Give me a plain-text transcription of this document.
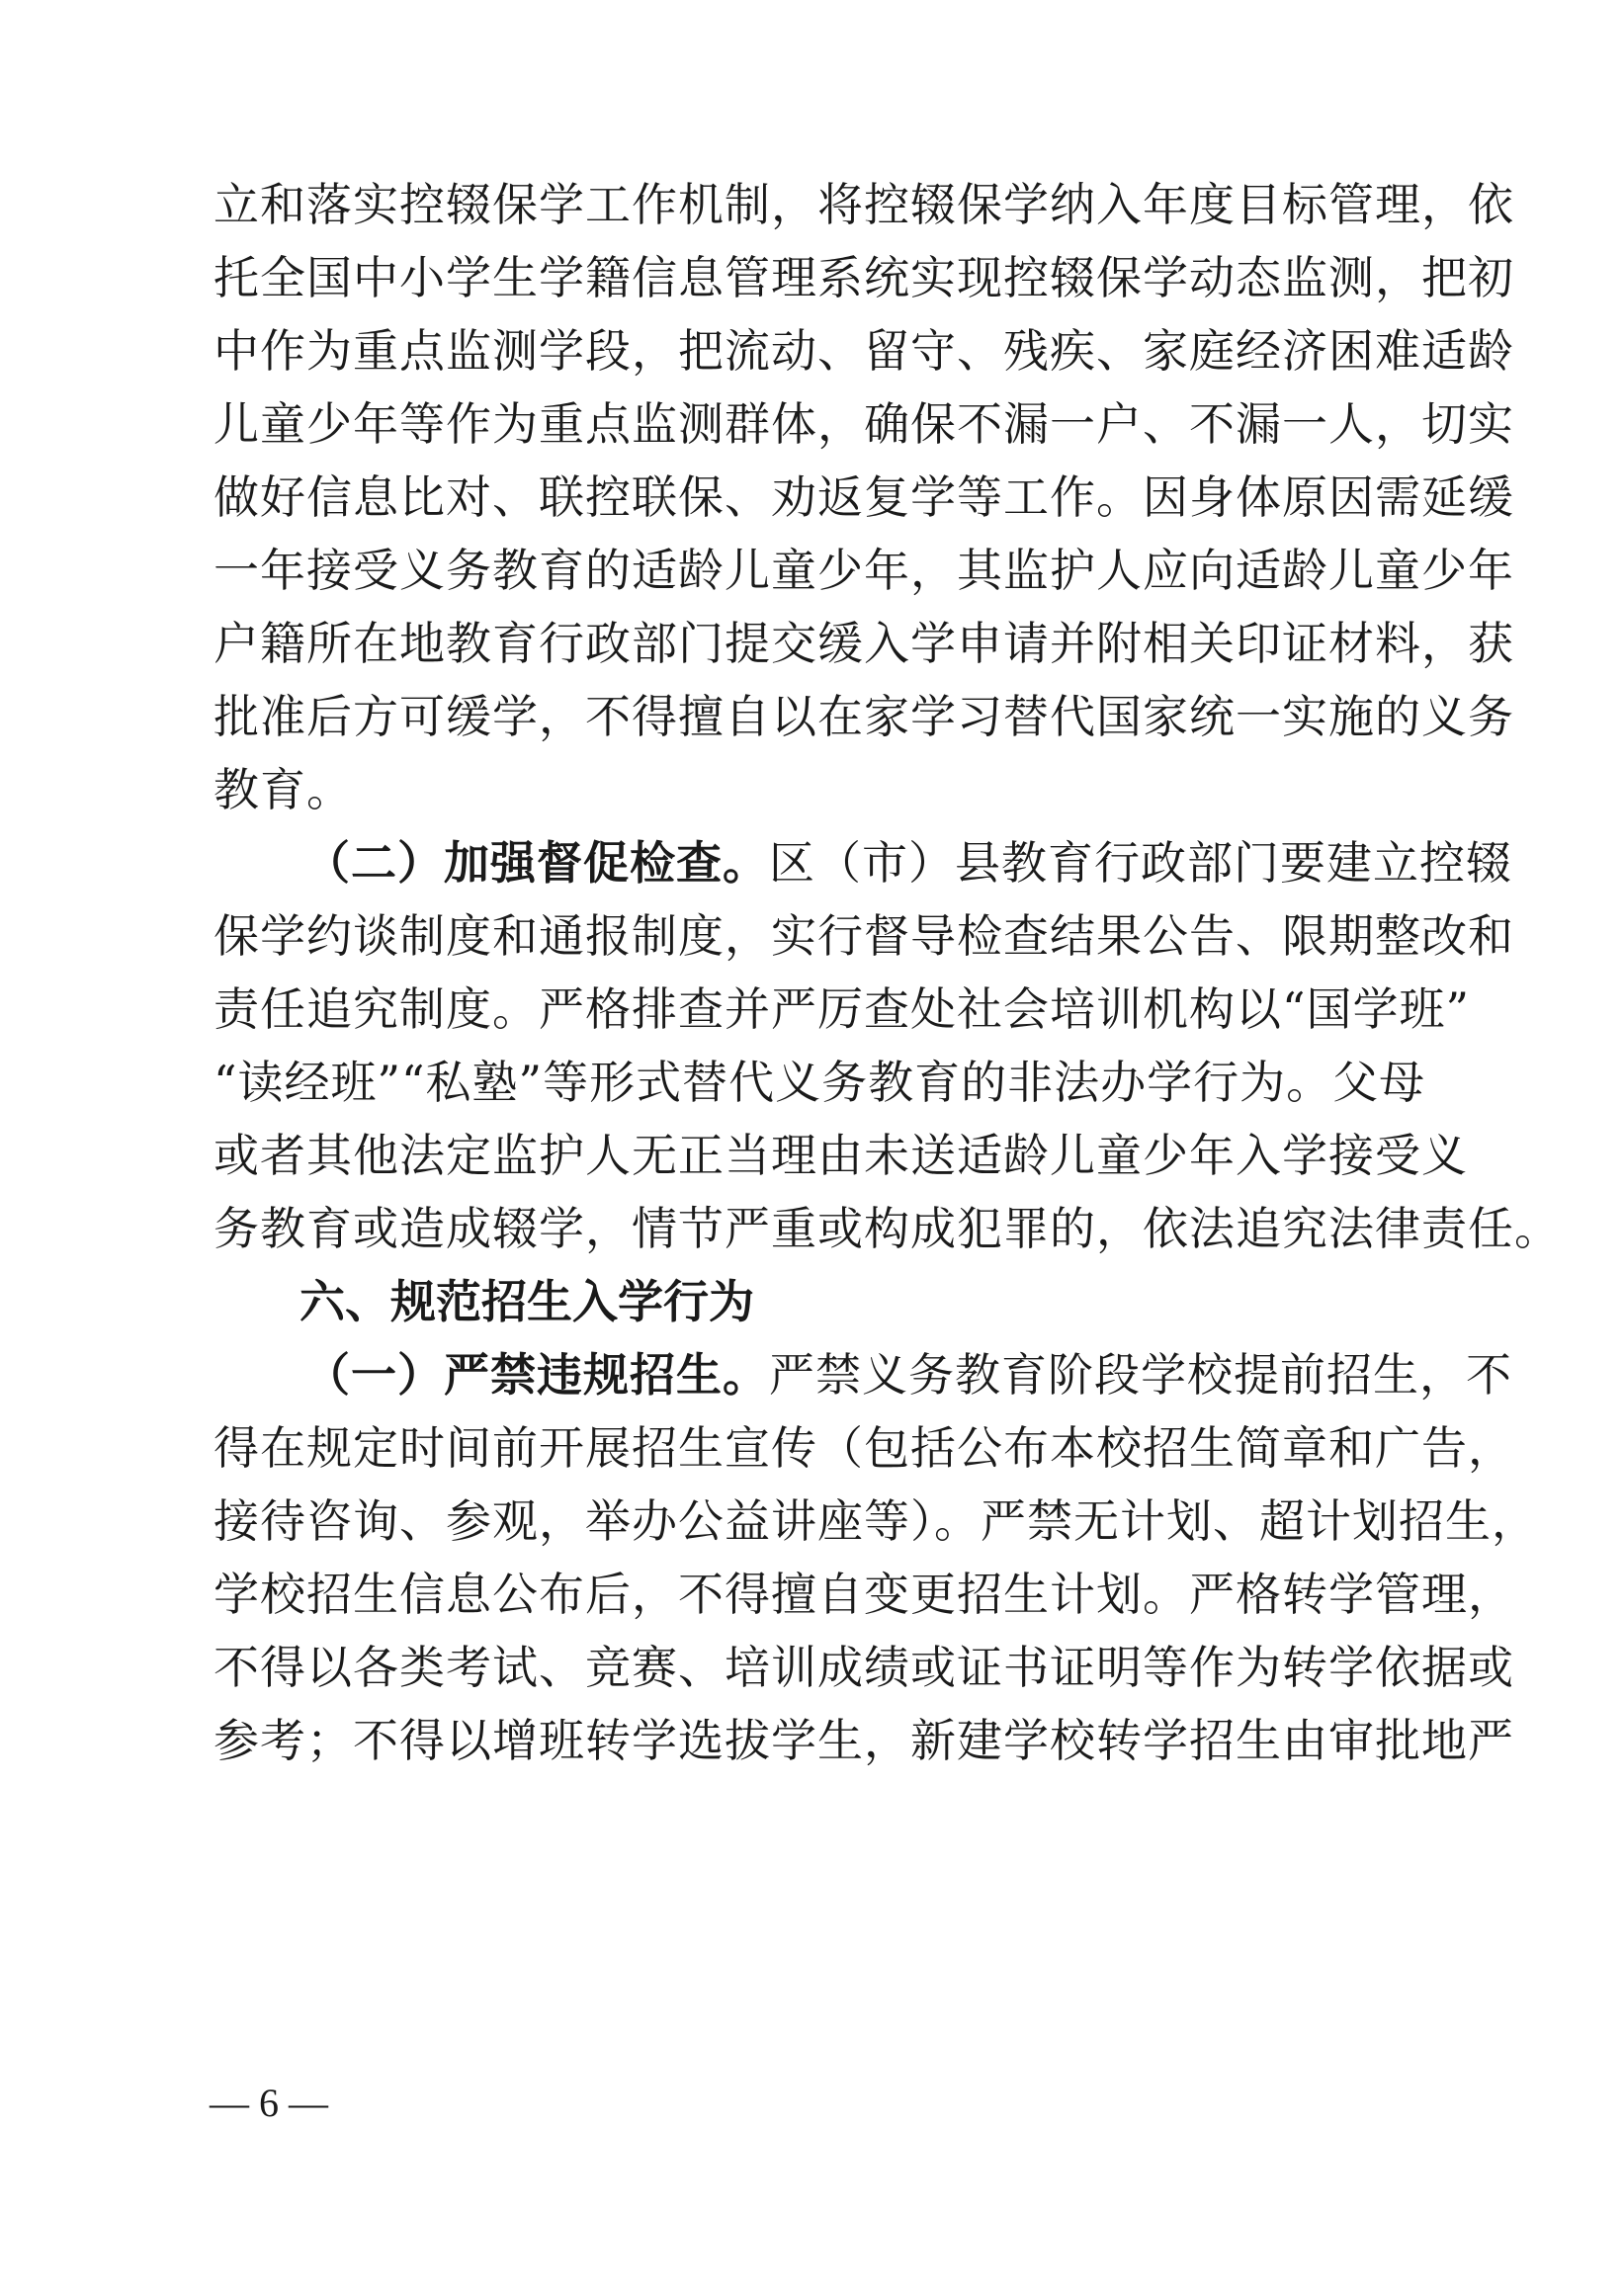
立和落实控辍保学工作机制，将控辍保学纳入年度目标管理，依
托全国中小学生学籍信息管理系统实现控辍保学动态监测，把初
中作为重点监测学段，把流动、留守、残疾、家庭经济困难适龄
儿童少年等作为重点监测群体，确保不漏一户、不漏一人，切实
做好信息比对、联控联保、劝返复学等工作。因身体原因需延缓
一年接受义务教育的适龄儿童少年，其监护人应向适龄儿童少年
户籍所在地教育行政部门提交缓入学申请并附相关印证材料，获
批准后方可缓学，不得擅自以在家学习替代国家统一实施的义务
教育。
（二）加强督促检查。区（市）县教育行政部门要建立控辍
保学约谈制度和通报制度，实行督导检查结果公告、限期整改和
责任追究制度。严格排查并严厉查处社会培训机构以“国学班”
“读经班”“私塾”等形式替代义务教育的非法办学行为。父母
或者其他法定监护人无正当理由未送适龄儿童少年入学接受义
务教育或造成辍学，情节严重或构成犯罪的，依法追究法律责任。
六、规范招生入学行为
（一）严禁违规招生。严禁义务教育阶段学校提前招生，不
得在规定时间前开展招生宣传（包括公布本校招生简章和广告，
接待咨询、参观，举办公益讲座等）。严禁无计划、超计划招生，
学校招生信息公布后，不得擅自变更招生计划。严格转学管理，
不得以各类考试、竞赛、培训成绩或证书证明等作为转学依据或
参考；不得以增班转学选拔学生，新建学校转学招生由审批地严
— 6 —
